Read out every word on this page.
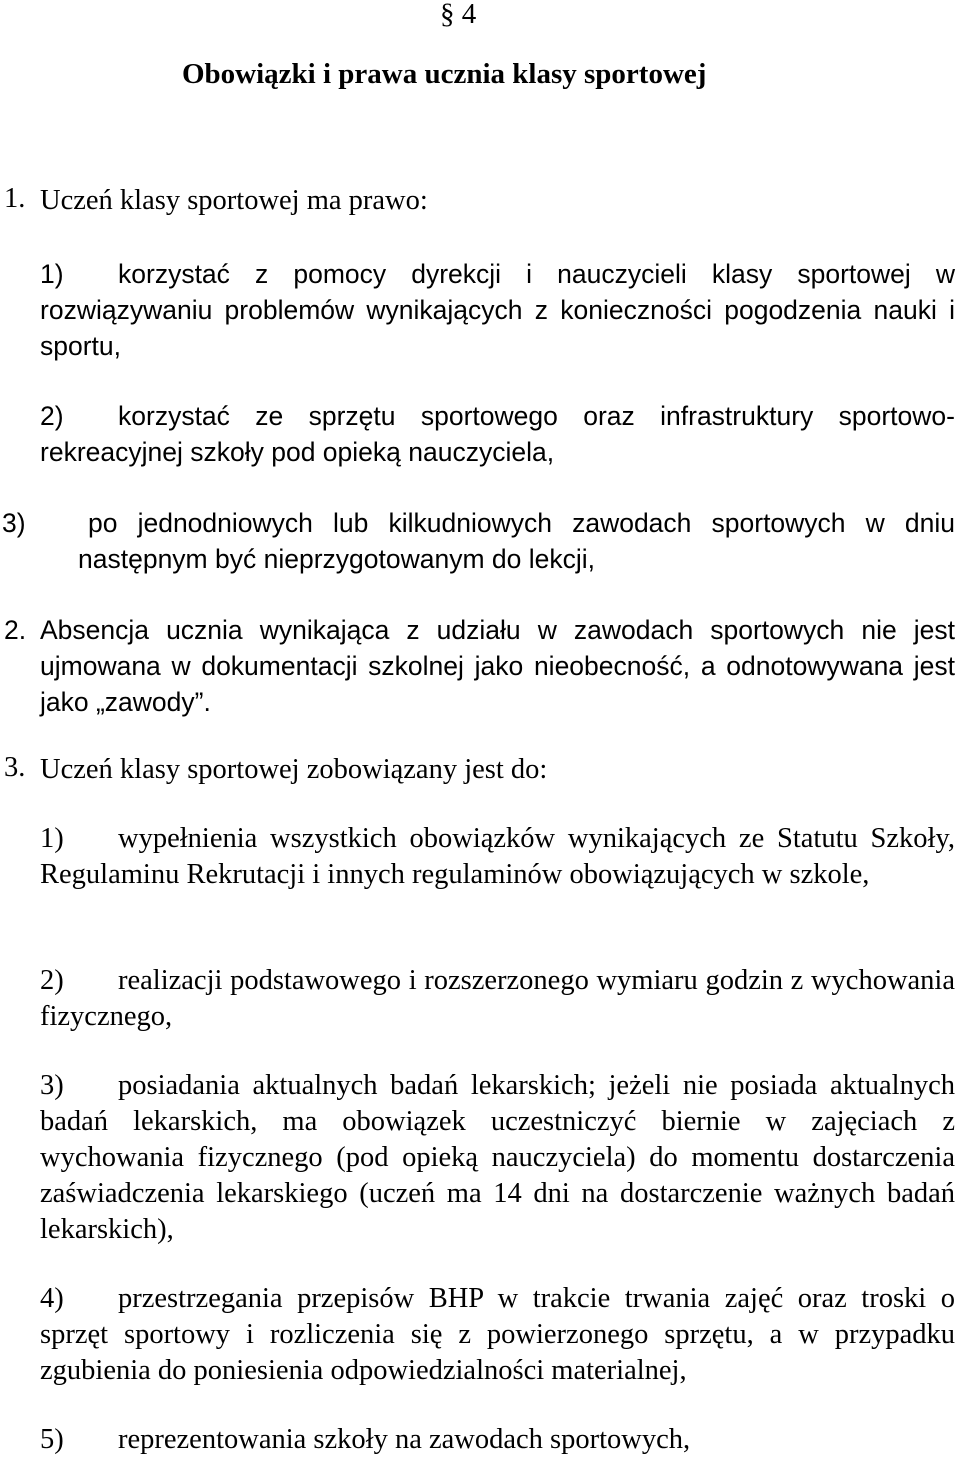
§ 4
Obowiązki i prawa ucznia klasy sportowej
1. Uczeń klasy sportowej ma prawo:
1) korzystać z pomocy dyrekcji i nauczycieli klasy sportowej w rozwiązywaniu problemów wynikających z konieczności pogodzenia nauki i sportu,
2) korzystać ze sprzętu sportowego oraz infrastruktury sportowo-rekreacyjnej szkoły pod opieką nauczyciela,
3) po jednodniowych lub kilkudniowych zawodach sportowych w dniu następnym być nieprzygotowanym do lekcji,
2. Absencja ucznia wynikająca z udziału w zawodach sportowych nie jest ujmowana w dokumentacji szkolnej jako nieobecność, a odnotowywana jest jako „zawody”.
3. Uczeń klasy sportowej zobowiązany jest do:
1) wypełnienia wszystkich obowiązków wynikających ze Statutu Szkoły, Regulaminu Rekrutacji i innych regulaminów obowiązujących w szkole,
2) realizacji podstawowego i rozszerzonego wymiaru godzin z wychowania fizycznego,
3) posiadania aktualnych badań lekarskich; jeżeli nie posiada aktualnych badań lekarskich, ma obowiązek uczestniczyć biernie w zajęciach z wychowania fizycznego (pod opieką nauczyciela) do momentu dostarczenia zaświadczenia lekarskiego (uczeń ma 14 dni na dostarczenie ważnych badań lekarskich),
4) przestrzegania przepisów BHP w trakcie trwania zajęć oraz troski o sprzęt sportowy i rozliczenia się z powierzonego sprzętu, a w przypadku zgubienia do poniesienia odpowiedzialności materialnej,
5) reprezentowania szkoły na zawodach sportowych,
